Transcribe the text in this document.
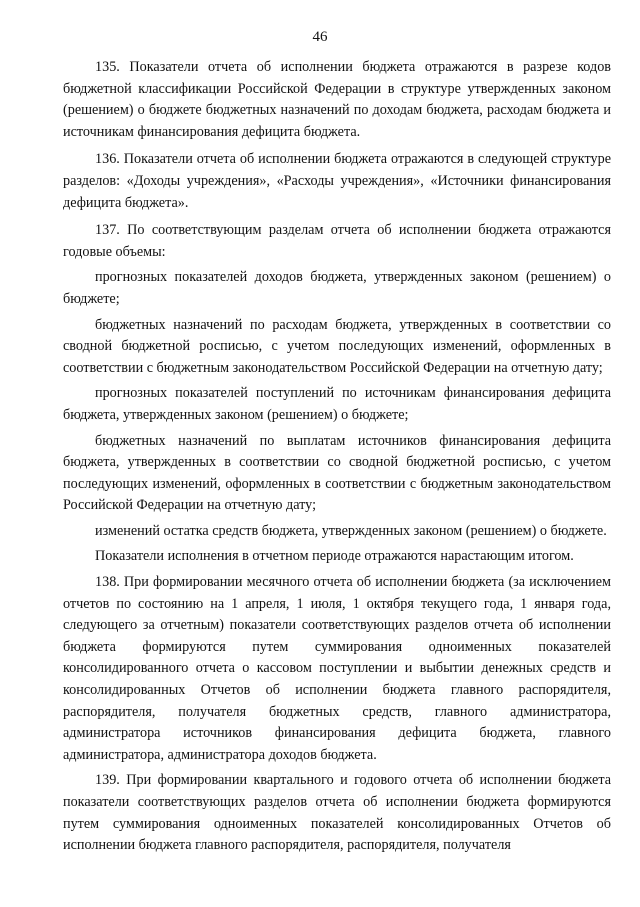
46

135. Показатели отчета об исполнении бюджета отражаются в разрезе кодов бюджетной классификации Российской Федерации в структуре утвержденных законом (решением) о бюджете бюджетных назначений по доходам бюджета, расходам бюджета и источникам финансирования дефицита бюджета.

136. Показатели отчета об исполнении бюджета отражаются в следующей структуре разделов: «Доходы учреждения», «Расходы учреждения», «Источники финансирования дефицита бюджета».

137. По соответствующим разделам отчета об исполнении бюджета отражаются годовые объемы:

прогнозных показателей доходов бюджета, утвержденных законом (решением) о бюджете;

бюджетных назначений по расходам бюджета, утвержденных в соответствии со сводной бюджетной росписью, с учетом последующих изменений, оформленных в соответствии с бюджетным законодательством Российской Федерации на отчетную дату;

прогнозных показателей поступлений по источникам финансирования дефицита бюджета, утвержденных законом (решением) о бюджете;

бюджетных назначений по выплатам источников финансирования дефицита бюджета, утвержденных в соответствии со сводной бюджетной росписью, с учетом последующих изменений, оформленных в соответствии с бюджетным законодательством Российской Федерации на отчетную дату;

изменений остатка средств бюджета, утвержденных законом (решением) о бюджете.

Показатели исполнения в отчетном периоде отражаются нарастающим итогом.

138. При формировании месячного отчета об исполнении бюджета (за исключением отчетов по состоянию на 1 апреля, 1 июля, 1 октября текущего года, 1 января года, следующего за отчетным) показатели соответствующих разделов отчета об исполнении бюджета формируются путем суммирования одноименных показателей консолидированного отчета о кассовом поступлении и выбытии денежных средств и консолидированных Отчетов об исполнении бюджета главного распорядителя, распорядителя, получателя бюджетных средств, главного администратора, администратора источников финансирования дефицита бюджета, главного администратора, администратора доходов бюджета.

139. При формировании квартального и годового отчета об исполнении бюджета показатели соответствующих разделов отчета об исполнении бюджета формируются путем суммирования одноименных показателей консолидированных Отчетов об исполнении бюджета главного распорядителя, распорядителя, получателя
